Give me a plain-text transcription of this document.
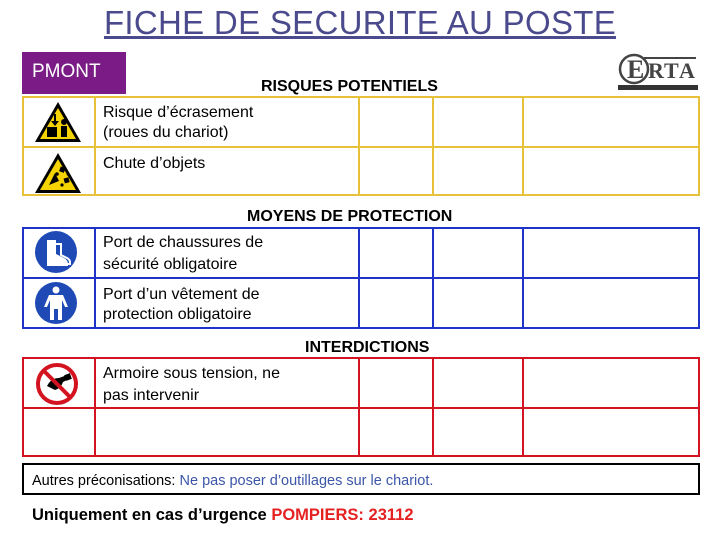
FICHE DE SECURITE AU POSTE
PMONT	E R T A
RISQUES POTENTIELS
Risque d’écrasement
(roues du chariot)
Chute d’objets
MOYENS DE PROTECTION
Port de chaussures de
sécurité obligatoire
Port d’un vêtement de
protection obligatoire
INTERDICTIONS
Armoire sous tension, ne
pas intervenir
Autres préconisations: Ne pas poser d’outillages sur le chariot.
Uniquement en cas d’urgence POMPIERS: 23112
